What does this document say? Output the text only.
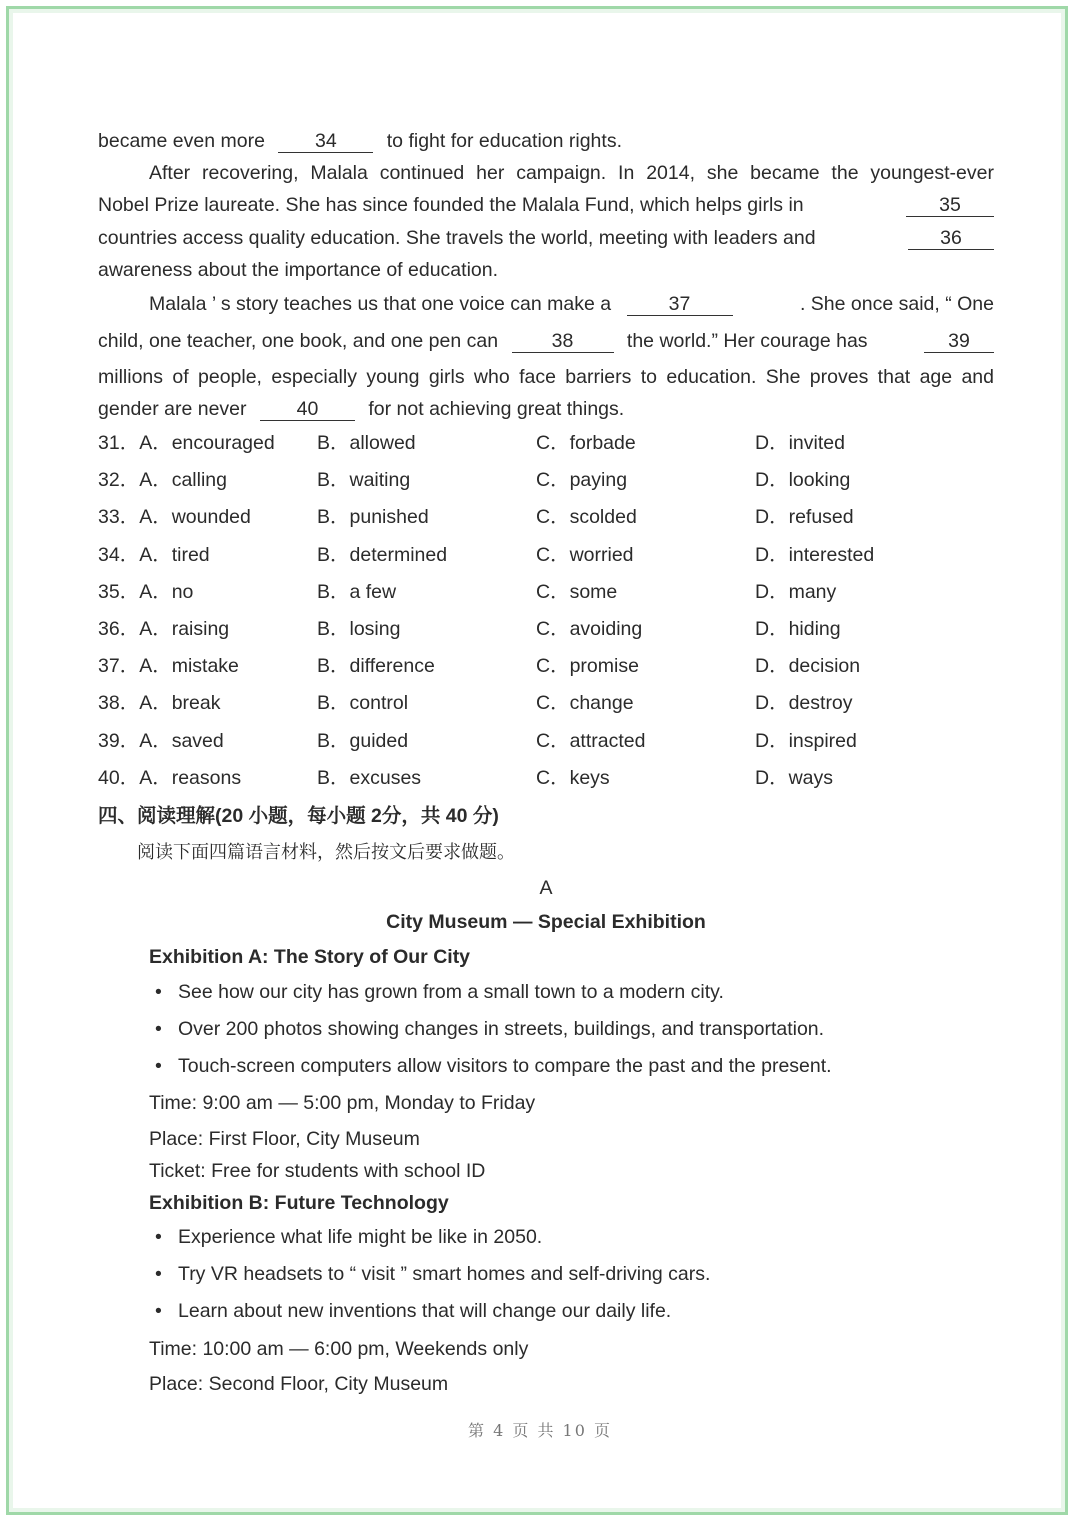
became even more	34	to fight for education rights.
After recovering, Malala continued her campaign. In 2014, she became the youngest-ever
Nobel Prize laureate. She has since founded the Malala Fund, which helps girls in	35
countries access quality education. She travels the world, meeting with leaders and	36
awareness about the importance of education.
Malala ’ s story teaches us that one voice can make a	37	. She once said, “ One
child, one teacher, one book, and one pen can	38	the world.” Her courage has	39
millions of people, especially young girls who face barriers to education. She proves that age and
gender are never	40	for not achieving great things.
31．A．encouraged B．allowed	C．forbade	D．invited
32．A．calling	B．waiting	C．paying	D．looking
33．A．wounded	B．punished	C．scolded	D．refused
34．A．tired	B．determined	C．worried	D．interested
35．A．no	B．a few	C．some	D．many
36．A．raising	B．losing	C．avoiding	D．hiding
37．A．mistake	B．difference	C．promise	D．decision
38．A．break	B．control	C．change	D．destroy
39．A．saved	B．guided	C．attracted	D．inspired
40．A．reasons	B．excuses	C．keys	D．ways
四、阅读理解(20 小题，每小题 2分，共 40 分)
阅读下面四篇语言材料，然后按文后要求做题。
A
City Museum — Special Exhibition
Exhibition A: The Story of Our City
• See how our city has grown from a small town to a modern city.
• Over 200 photos showing changes in streets, buildings, and transportation.
• Touch-screen computers allow visitors to compare the past and the present.
Time: 9:00 am — 5:00 pm, Monday to Friday
Place: First Floor, City Museum
Ticket: Free for students with school ID
Exhibition B: Future Technology
• Experience what life might be like in 2050.
• Try VR headsets to “ visit ” smart homes and self-driving cars.
• Learn about new inventions that will change our daily life.
Time: 10:00 am — 6:00 pm, Weekends only
Place: Second Floor, City Museum
第 4 页 共 10 页
